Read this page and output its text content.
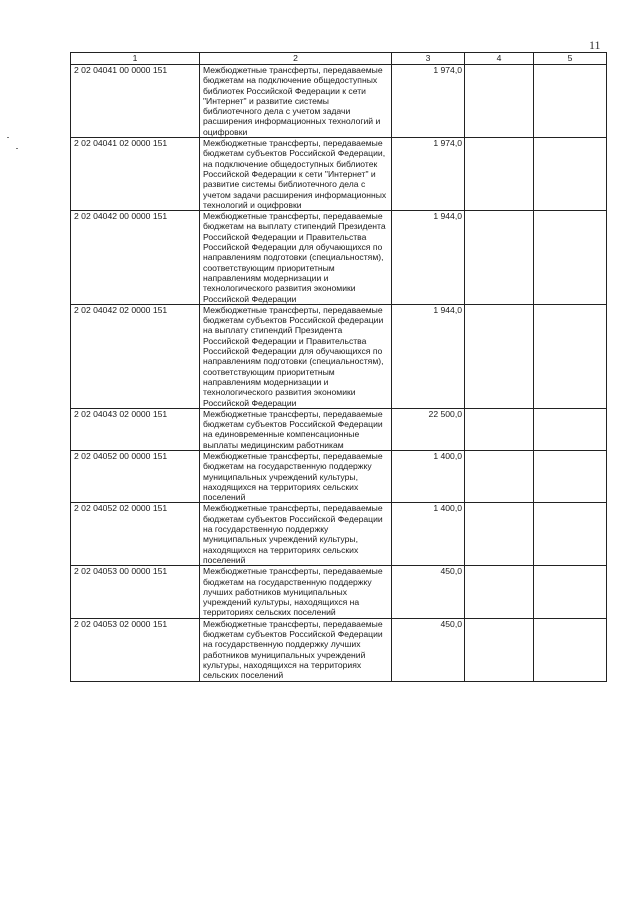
11
1	2	3	4	5
2 02 04041 00 0000 151	Межбюджетные трансферты, передаваемые бюджетам на подключение общедоступных библиотек Российской Федерации к сети "Интернет" и развитие системы библиотечного дела с учетом задачи расширения информационных технологий и оцифровки	1 974,0		
2 02 04041 02 0000 151	Межбюджетные трансферты, передаваемые бюджетам субъектов Российской Федерации, на подключение общедоступных библиотек Российской Федерации к сети "Интернет" и развитие системы библиотечного дела с учетом задачи расширения информационных технологий и оцифровки	1 974,0		
2 02 04042 00 0000 151	Межбюджетные трансферты, передаваемые бюджетам на выплату стипендий Президента Российской Федерации и Правительства Российской Федерации для обучающихся по направлениям подготовки (специальностям), соответствующим приоритетным направлениям модернизации и технологического развития экономики Российской Федерации	1 944,0		
2 02 04042 02 0000 151	Межбюджетные трансферты, передаваемые бюджетам субъектов Российской федерации на выплату стипендий Президента Российской Федерации и Правительства Российской Федерации для обучающихся по направлениям подготовки (специальностям), соответствующим приоритетным направлениям модернизации и технологического развития экономики Российской Федерации	1 944,0		
2 02 04043 02 0000 151	Межбюджетные трансферты, передаваемые бюджетам субъектов Российской Федерации на единовременные компенсационные выплаты медицинским работникам	22 500,0		
2 02 04052 00 0000 151	Межбюджетные трансферты, передаваемые бюджетам на государственную поддержку муниципальных учреждений культуры, находящихся на территориях сельских поселений	1 400,0		
2 02 04052 02 0000 151	Межбюджетные трансферты, передаваемые бюджетам субъектов Российской Федерации на государственную поддержку муниципальных учреждений культуры, находящихся на территориях сельских поселений	1 400,0		
2 02 04053 00 0000 151	Межбюджетные трансферты, передаваемые бюджетам на государственную поддержку лучших работников муниципальных учреждений культуры, находящихся на территориях сельских поселений	450,0		
2 02 04053 02 0000 151	Межбюджетные трансферты, передаваемые бюджетам субъектов Российской Федерации на государственную поддержку лучших работников муниципальных учреждений культуры, находящихся на территориях сельских поселений	450,0		
